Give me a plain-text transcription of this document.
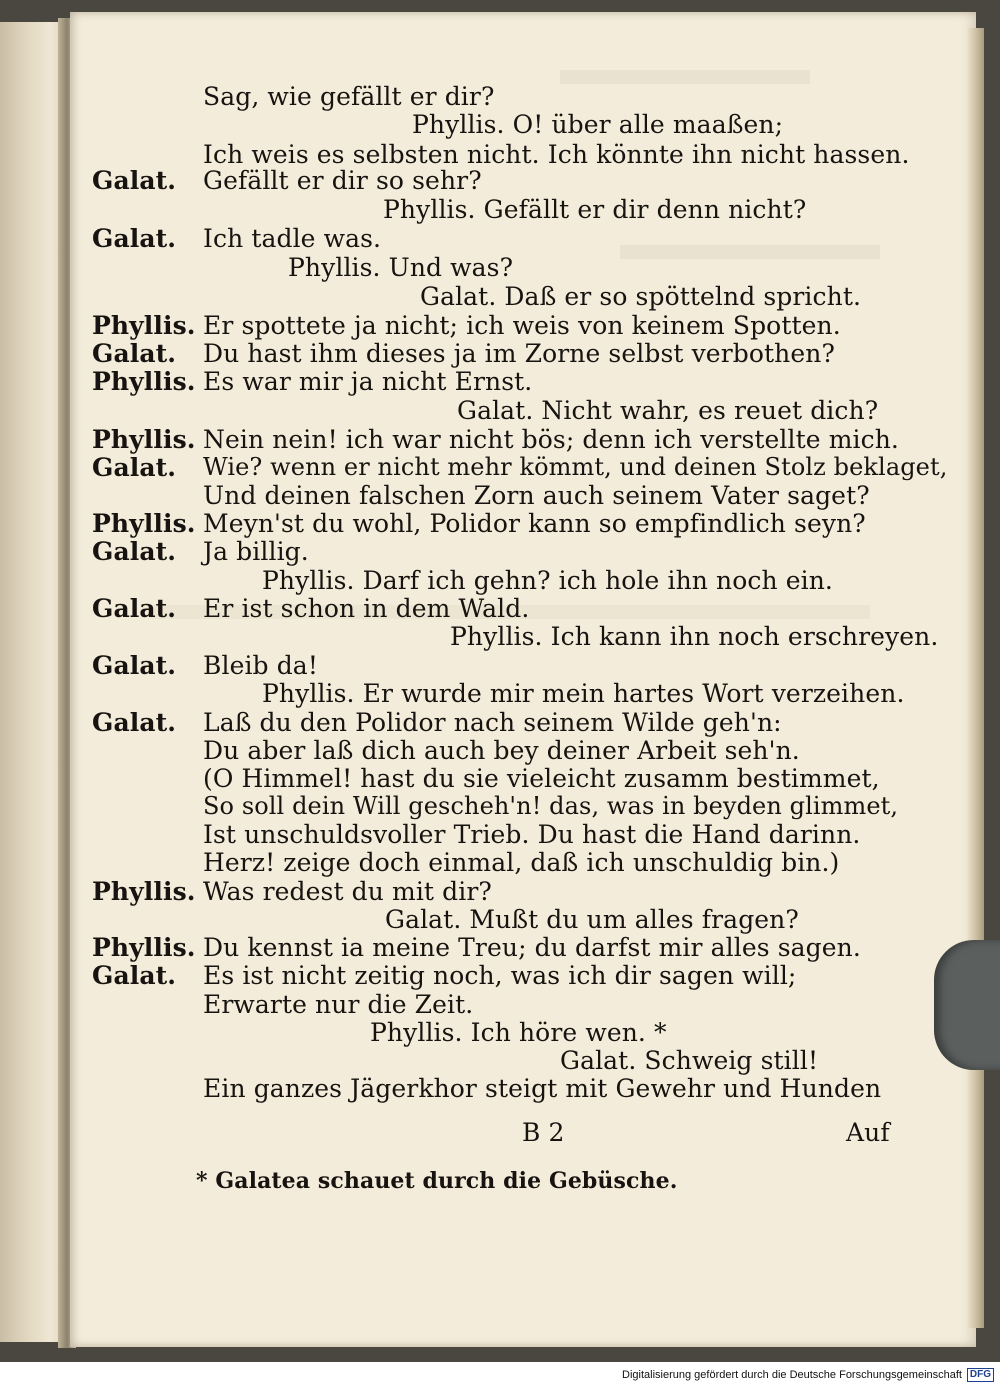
Sag, wie gefällt er dir?
Phyllis. O! über alle maaßen;
Ich weis es selbsten nicht. Ich könnte ihn nicht hassen.
Galat. Gefällt er dir so sehr?
Phyllis. Gefällt er dir denn nicht?
Galat. Ich tadle was.
Phyllis. Und was?
Galat. Daß er so spöttelnd spricht.
Phyllis. Er spottete ja nicht; ich weis von keinem Spotten.
Galat. Du hast ihm dieses ja im Zorne selbst verbothen?
Phyllis. Es war mir ja nicht Ernst.
Galat. Nicht wahr, es reuet dich?
Phyllis. Nein nein! ich war nicht bös; denn ich verstellte mich.
Galat. Wie? wenn er nicht mehr kömmt, und deinen Stolz beklaget,
Und deinen falschen Zorn auch seinem Vater saget?
Phyllis. Meyn'st du wohl, Polidor kann so empfindlich seyn?
Galat. Ja billig.
Phyllis. Darf ich gehn? ich hole ihn noch ein.
Galat. Er ist schon in dem Wald.
Phyllis. Ich kann ihn noch erschreyen.
Galat. Bleib da!
Phyllis. Er wurde mir mein hartes Wort verzeihen.
Galat. Laß du den Polidor nach seinem Wilde geh'n:
Du aber laß dich auch bey deiner Arbeit seh'n.
(O Himmel! hast du sie vieleicht zusamm bestimmet,
So soll dein Will gescheh'n! das, was in beyden glimmet,
Ist unschuldsvoller Trieb. Du hast die Hand darinn.
Herz! zeige doch einmal, daß ich unschuldig bin.)
Phyllis. Was redest du mit dir?
Galat. Mußt du um alles fragen?
Phyllis. Du kennst ia meine Treu; du darfst mir alles sagen.
Galat. Es ist nicht zeitig noch, was ich dir sagen will;
Erwarte nur die Zeit.
Phyllis. Ich höre wen. *
Galat. Schweig still!
Ein ganzes Jägerkhor steigt mit Gewehr und Hunden
B 2	Auf
* Galatea schauet durch die Gebüsche.
Digitalisierung gefördert durch die Deutsche Forschungsgemeinschaft DFG
